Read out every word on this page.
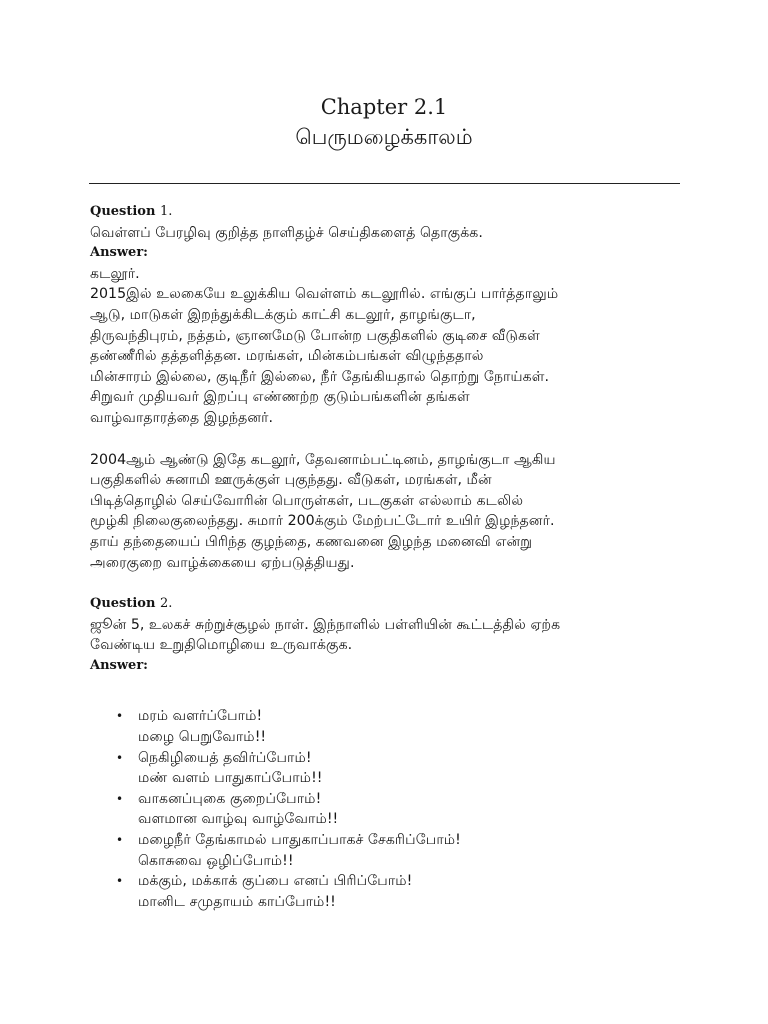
Chapter 2.1
பெருமழைக்காலம்
Question 1.
வெள்ளப் பேரழிவு குறித்த நாளிதழ்ச் செய்திகளைத் தொகுக்க.
Answer:
கடலூர்.
2015இல் உலகையே உலுக்கிய வெள்ளம் கடலூரில். எங்குப் பார்த்தாலும்
ஆடு, மாடுகள் இறந்துக்கிடக்கும் காட்சி கடலூர், தாழங்குடா,
திருவந்திபுரம், நத்தம், ஞானமேடு போன்ற பகுதிகளில் குடிசை வீடுகள்
தண்ணீரில் தத்தளித்தன. மரங்கள், மின்கம்பங்கள் விழுந்ததால்
மின்சாரம் இல்லை, குடிநீர் இல்லை, நீர் தேங்கியதால் தொற்று நோய்கள்.
சிறுவர் முதியவர் இறப்பு எண்ணற்ற குடும்பங்களின் தங்கள்
வாழ்வாதாரத்தை இழந்தனர்.
2004ஆம் ஆண்டு இதே கடலூர், தேவனாம்பட்டினம், தாழங்குடா ஆகிய
பகுதிகளில் சுனாமி ஊருக்குள் புகுந்தது. வீடுகள், மரங்கள், மீன்
பிடித்தொழில் செய்வோரின் பொருள்கள், படகுகள் எல்லாம் கடலில்
மூழ்கி நிலைகுலைந்தது. சுமார் 200க்கும் மேற்பட்டோர் உயிர் இழந்தனர்.
தாய் தந்தையைப் பிரிந்த குழந்தை, கணவனை இழந்த மனைவி என்று
அரைகுறை வாழ்க்கையை ஏற்படுத்தியது.
Question 2.
ஜூன் 5, உலகச் சுற்றுச்சூழல் நாள். இந்நாளில் பள்ளியின் கூட்டத்தில் ஏற்க
வேண்டிய உறுதிமொழியை உருவாக்குக.
Answer:
• மரம் வளர்ப்போம்!
மழை பெறுவோம்!!
• நெகிழியைத் தவிர்ப்போம்!
மண் வளம் பாதுகாப்போம்!!
• வாகனப்புகை குறைப்போம்!
வளமான வாழ்வு வாழ்வோம்!!
• மழைநீர் தேங்காமல் பாதுகாப்பாகச் சேகரிப்போம்!
கொசுவை ஒழிப்போம்!!
• மக்கும், மக்காக் குப்பை எனப் பிரிப்போம்!
மானிட சமுதாயம் காப்போம்!!
